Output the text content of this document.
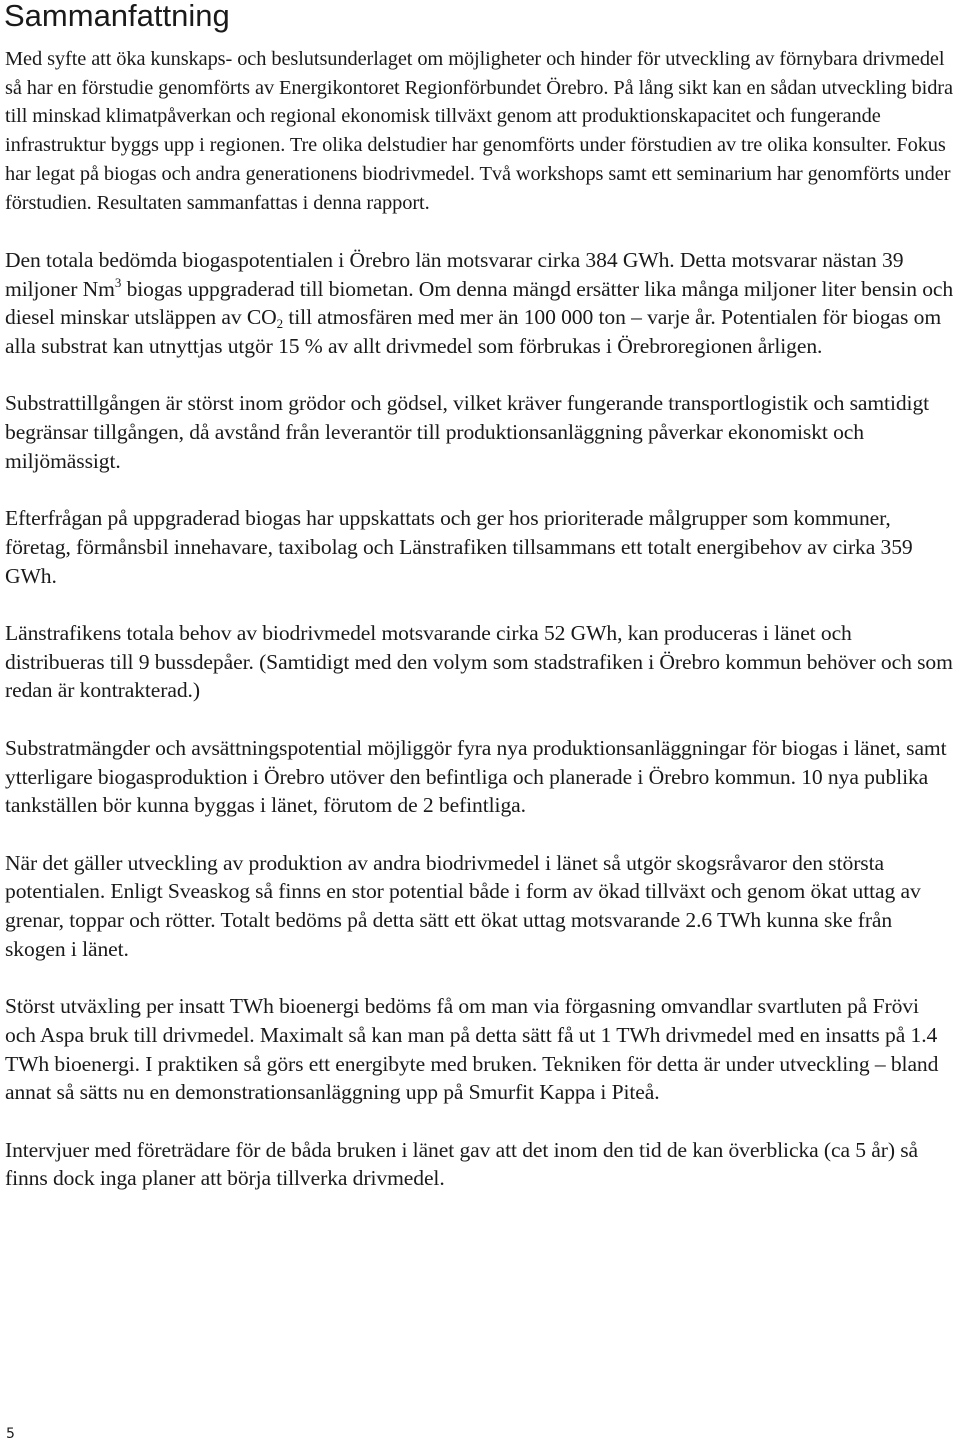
Sammanfattning

Med syfte att öka kunskaps- och beslutsunderlaget om möjligheter och hinder för utveckling av förnybara drivmedel så har en förstudie genomförts av Energikontoret Regionförbundet Örebro. På lång sikt kan en sådan utveckling bidra till minskad klimatpåverkan och regional ekonomisk tillväxt genom att produktionskapacitet och fungerande infrastruktur byggs upp i regionen. Tre olika delstudier har genomförts under förstudien av tre olika konsulter. Fokus har legat på biogas och andra generationens biodrivmedel. Två workshops samt ett seminarium har genomförts under förstudien. Resultaten sammanfattas i denna rapport.

Den totala bedömda biogaspotentialen i Örebro län motsvarar cirka 384 GWh. Detta motsvarar nästan 39 miljoner Nm$^3$ biogas uppgraderad till biometan. Om denna mängd ersätter lika många miljoner liter bensin och diesel minskar utsläppen av $CO_2$ till atmosfären med mer än 100 000 ton – varje år. Potentialen för biogas om alla substrat kan utnyttjas utgör 15 % av allt drivmedel som förbrukas i Örebroregionen årligen.

Substrattillgången är störst inom grödor och gödsel, vilket kräver fungerande transportlogistik och samtidigt begränsar tillgången, då avstånd från leverantör till produktionsanläggning påverkar ekonomiskt och miljömässigt.

Efterfrågan på uppgraderad biogas har uppskattats och ger hos prioriterade målgrupper som kommuner, företag, förmånsbil innehavare, taxibolag och Länstrafiken tillsammans ett totalt energibehov av cirka 359 GWh.

Länstrafikens totala behov av biodrivmedel motsvarande cirka 52 GWh, kan produceras i länet och distribueras till 9 bussdepåer. (Samtidigt med den volym som stadstrafiken i Örebro kommun behöver och som redan är kontrakterad.)

Substratmängder och avsättningspotential möjliggör fyra nya produktionsanläggningar för biogas i länet, samt ytterligare biogasproduktion i Örebro utöver den befintliga och planerade i Örebro kommun. 10 nya publika tankställen bör kunna byggas i länet, förutom de 2 befintliga.

När det gäller utveckling av produktion av andra biodrivmedel i länet så utgör skogsråvaror den största potentialen. Enligt Sveaskog så finns en stor potential både i form av ökad tillväxt och genom ökat uttag av grenar, toppar och rötter. Totalt bedöms på detta sätt ett ökat uttag motsvarande 2.6 TWh kunna ske från skogen i länet.

Störst utväxling per insatt TWh bioenergi bedöms få om man via förgasning omvandlar svartluten på Frövi och Aspa bruk till drivmedel. Maximalt så kan man på detta sätt få ut 1 TWh drivmedel med en insatts på 1.4 TWh bioenergi. I praktiken så görs ett energibyte med bruken. Tekniken för detta är under utveckling – bland annat så sätts nu en demonstrationsanläggning upp på Smurfit Kappa i Piteå.

Intervjuer med företrädare för de båda bruken i länet gav att det inom den tid de kan överblicka (ca 5 år) så finns dock inga planer att börja tillverka drivmedel.

5
